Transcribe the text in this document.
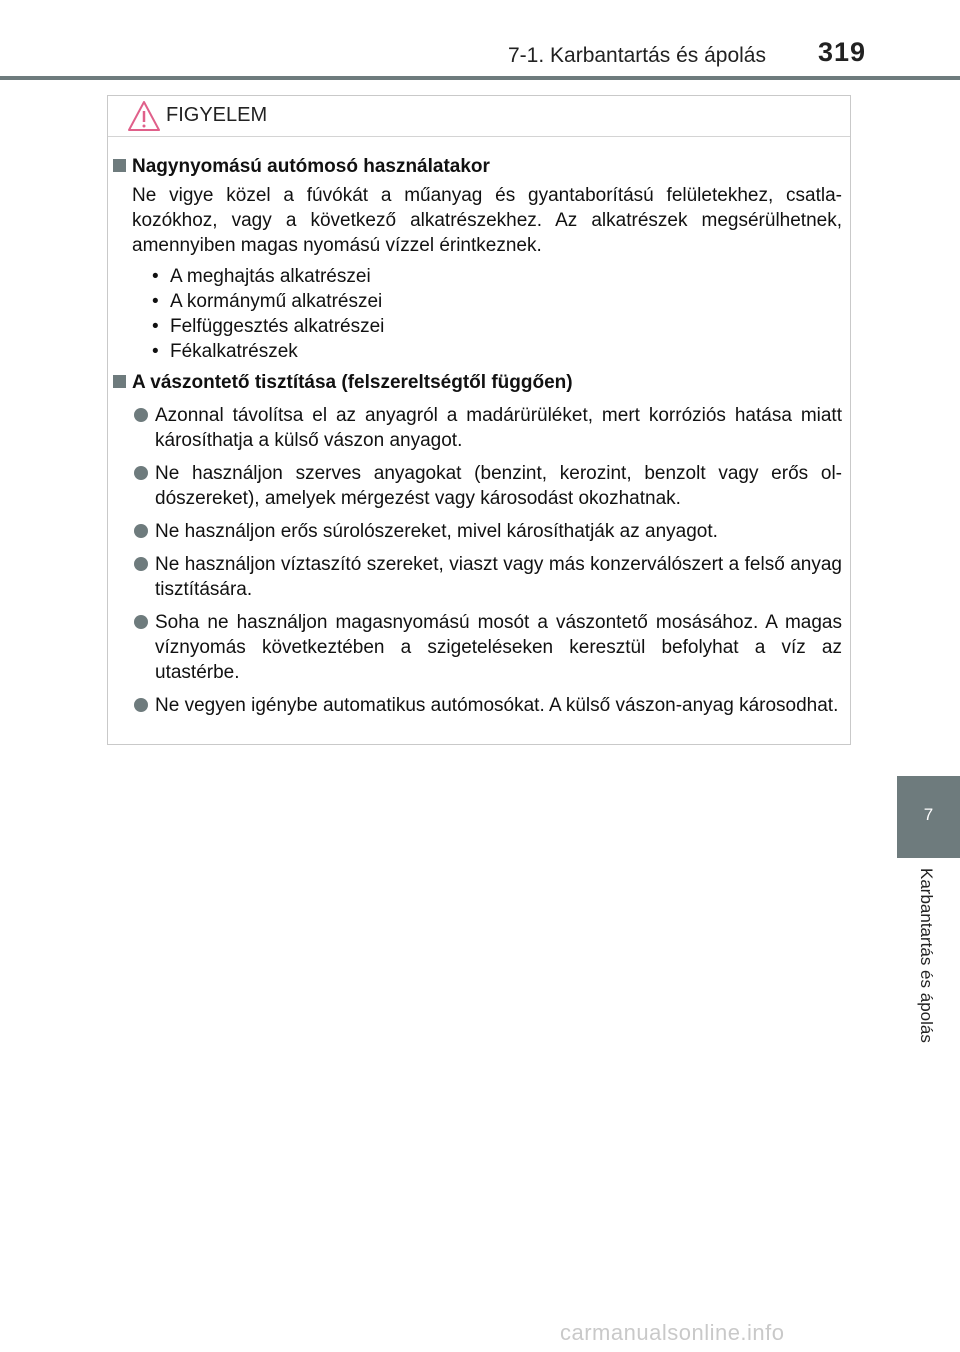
7-1. Karbantartás és ápolás 319
7
Karbantartás és ápolás
FIGYELEM
Nagynyomású autómosó használatakor

Ne vigye közel a fúvókát a műanyag és gyantaborítású felületekhez, csatlakozókhoz, vagy a következő alkatrészekhez. Az alkatrészek megsérülhetnek, amennyiben magas nyomású vízzel érintkeznek.

• A meghajtás alkatrészei
• A kormánymű alkatrészei
• Felfüggesztés alkatrészei
• Fékalkatrészek
A vászontető tisztítása (felszereltségtől függően)
Azonnal távolítsa el az anyagról a madárürüléket, mert korróziós hatása miatt károsíthatja a külső vászon anyagot.
Ne használjon szerves anyagokat (benzint, kerozint, benzolt vagy erős oldószereket), amelyek mérgezést vagy károsodást okozhatnak.
Ne használjon erős súrolószereket, mivel károsíthatják az anyagot.
Ne használjon víztaszító szereket, viaszt vagy más konzerválószert a felső anyag tisztítására.
Soha ne használjon magasnyomású mosót a vászontető mosásához. A magas víznyomás következtében a szigeteléseken keresztül befolyhat a víz az utastérbe.
Ne vegyen igénybe automatikus autómosókat. A külső vászon-anyag károsodhat.
carmanualsonline.info
